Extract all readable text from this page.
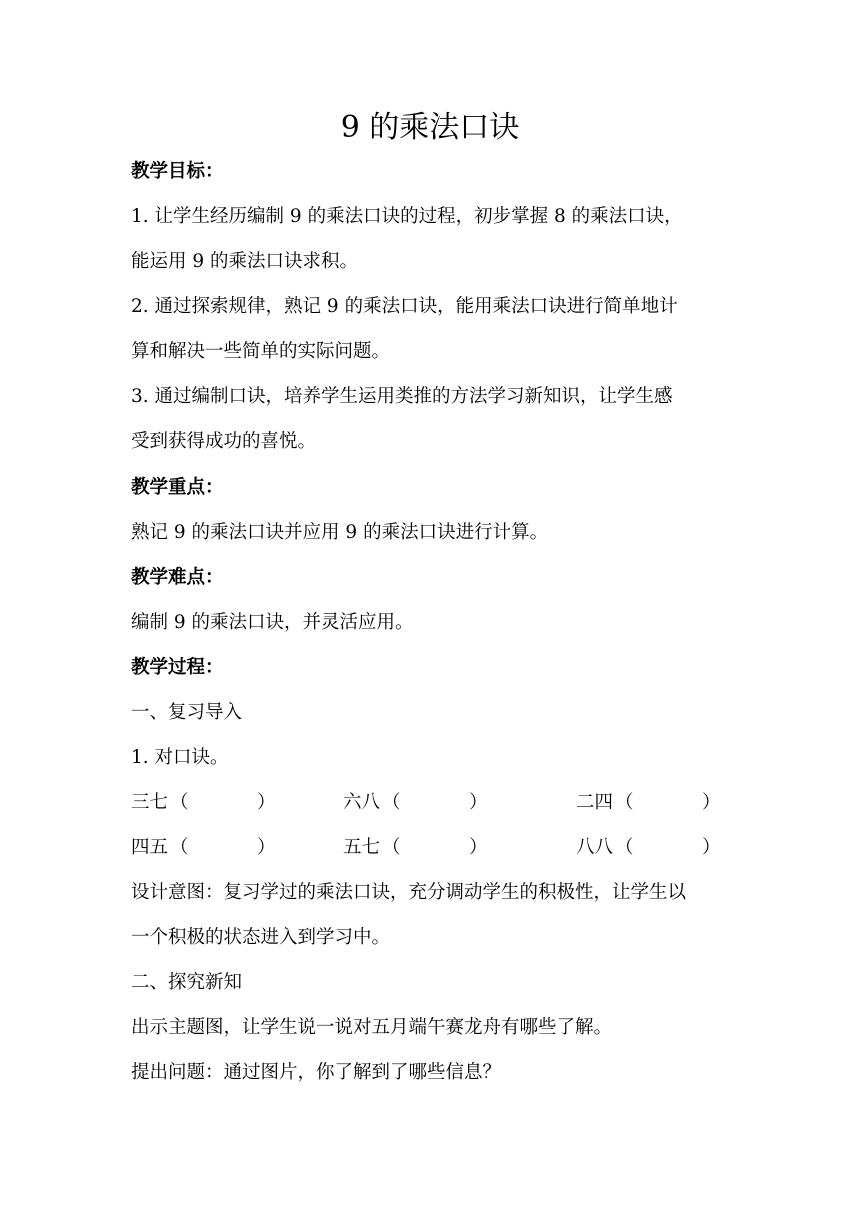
9 的乘法口诀
教学目标：
1. 让学生经历编制 9 的乘法口诀的过程，初步掌握 8 的乘法口诀，
能运用 9 的乘法口诀求积。
2. 通过探索规律，熟记 9 的乘法口诀，能用乘法口诀进行简单地计
算和解决一些简单的实际问题。
3. 通过编制口诀，培养学生运用类推的方法学习新知识，让学生感
受到获得成功的喜悦。
教学重点：
熟记 9 的乘法口诀并应用 9 的乘法口诀进行计算。
教学难点：
编制 9 的乘法口诀，并灵活应用。
教学过程：
一、复习导入
1. 对口诀。
三七 （	）	六八 （	）	二四 （	）
四五 （	）	五七 （	）	八八 （	）
设计意图：复习学过的乘法口诀，充分调动学生的积极性，让学生以
一个积极的状态进入到学习中。
二、探究新知
出示主题图，让学生说一说对五月端午赛龙舟有哪些了解。
提出问题：通过图片，你了解到了哪些信息？
